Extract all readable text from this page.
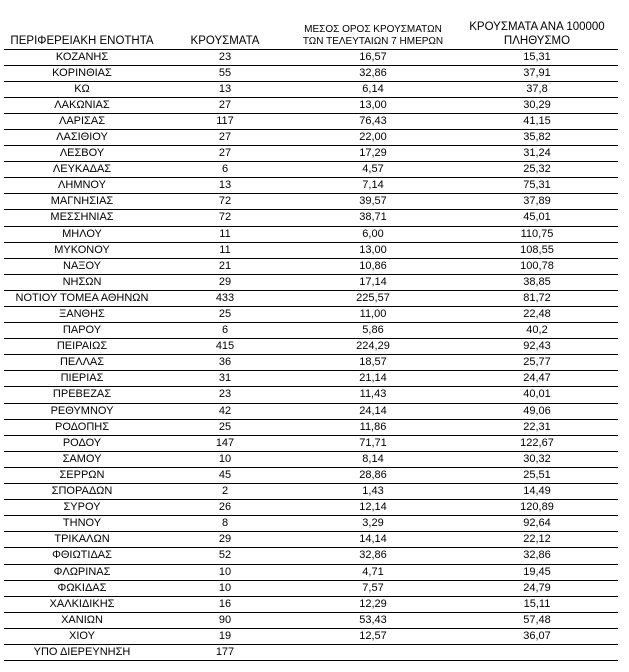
ΠΕΡΙΦΕΡΕΙΑΚΗ ΕΝΟΤΗΤΑ	ΚΡΟΥΣΜΑΤΑ	ΜΕΣΟΣ ΟΡΟΣ ΚΡΟΥΣΜΑΤΩΝ
ΤΩΝ ΤΕΛΕΥΤΑΙΩΝ 7 ΗΜΕΡΩΝ	ΚΡΟΥΣΜΑΤΑ ΑΝΑ 100000
ΠΛΗΘΥΣΜΟ

ΚΟΖΑΝΗΣ	23	16,57	15,31
ΚΟΡΙΝΘΙΑΣ	55	32,86	37,91
ΚΩ	13	6,14	37,8
ΛΑΚΩΝΙΑΣ	27	13,00	30,29
ΛΑΡΙΣΑΣ	117	76,43	41,15
ΛΑΣΙΘΙΟΥ	27	22,00	35,82
ΛΕΣΒΟΥ	27	17,29	31,24
ΛΕΥΚΑΔΑΣ	6	4,57	25,32
ΛΗΜΝΟΥ	13	7,14	75,31
ΜΑΓΝΗΣΙΑΣ	72	39,57	37,89
ΜΕΣΣΗΝΙΑΣ	72	38,71	45,01
ΜΗΛΟΥ	11	6,00	110,75
ΜΥΚΟΝΟΥ	11	13,00	108,55
ΝΑΞΟΥ	21	10,86	100,78
ΝΗΣΩΝ	29	17,14	38,85
ΝΟΤΙΟΥ ΤΟΜΕΑ ΑΘΗΝΩΝ	433	225,57	81,72
ΞΑΝΘΗΣ	25	11,00	22,48
ΠΑΡΟΥ	6	5,86	40,2
ΠΕΙΡΑΙΩΣ	415	224,29	92,43
ΠΕΛΛΑΣ	36	18,57	25,77
ΠΙΕΡΙΑΣ	31	21,14	24,47
ΠΡΕΒΕΖΑΣ	23	11,43	40,01
ΡΕΘΥΜΝΟΥ	42	24,14	49,06
ΡΟΔΟΠΗΣ	25	11,86	22,31
ΡΟΔΟΥ	147	71,71	122,67
ΣΑΜΟΥ	10	8,14	30,32
ΣΕΡΡΩΝ	45	28,86	25,51
ΣΠΟΡΑΔΩΝ	2	1,43	14,49
ΣΥΡΟΥ	26	12,14	120,89
ΤΗΝΟΥ	8	3,29	92,64
ΤΡΙΚΑΛΩΝ	29	14,14	22,12
ΦΘΙΩΤΙΔΑΣ	52	32,86	32,86
ΦΛΩΡΙΝΑΣ	10	4,71	19,45
ΦΩΚΙΔΑΣ	10	7,57	24,79
ΧΑΛΚΙΔΙΚΗΣ	16	12,29	15,11
ΧΑΝΙΩΝ	90	53,43	57,48
ΧΙΟΥ	19	12,57	36,07
ΥΠΟ ΔΙΕΡΕΥΝΗΣΗ	177		
